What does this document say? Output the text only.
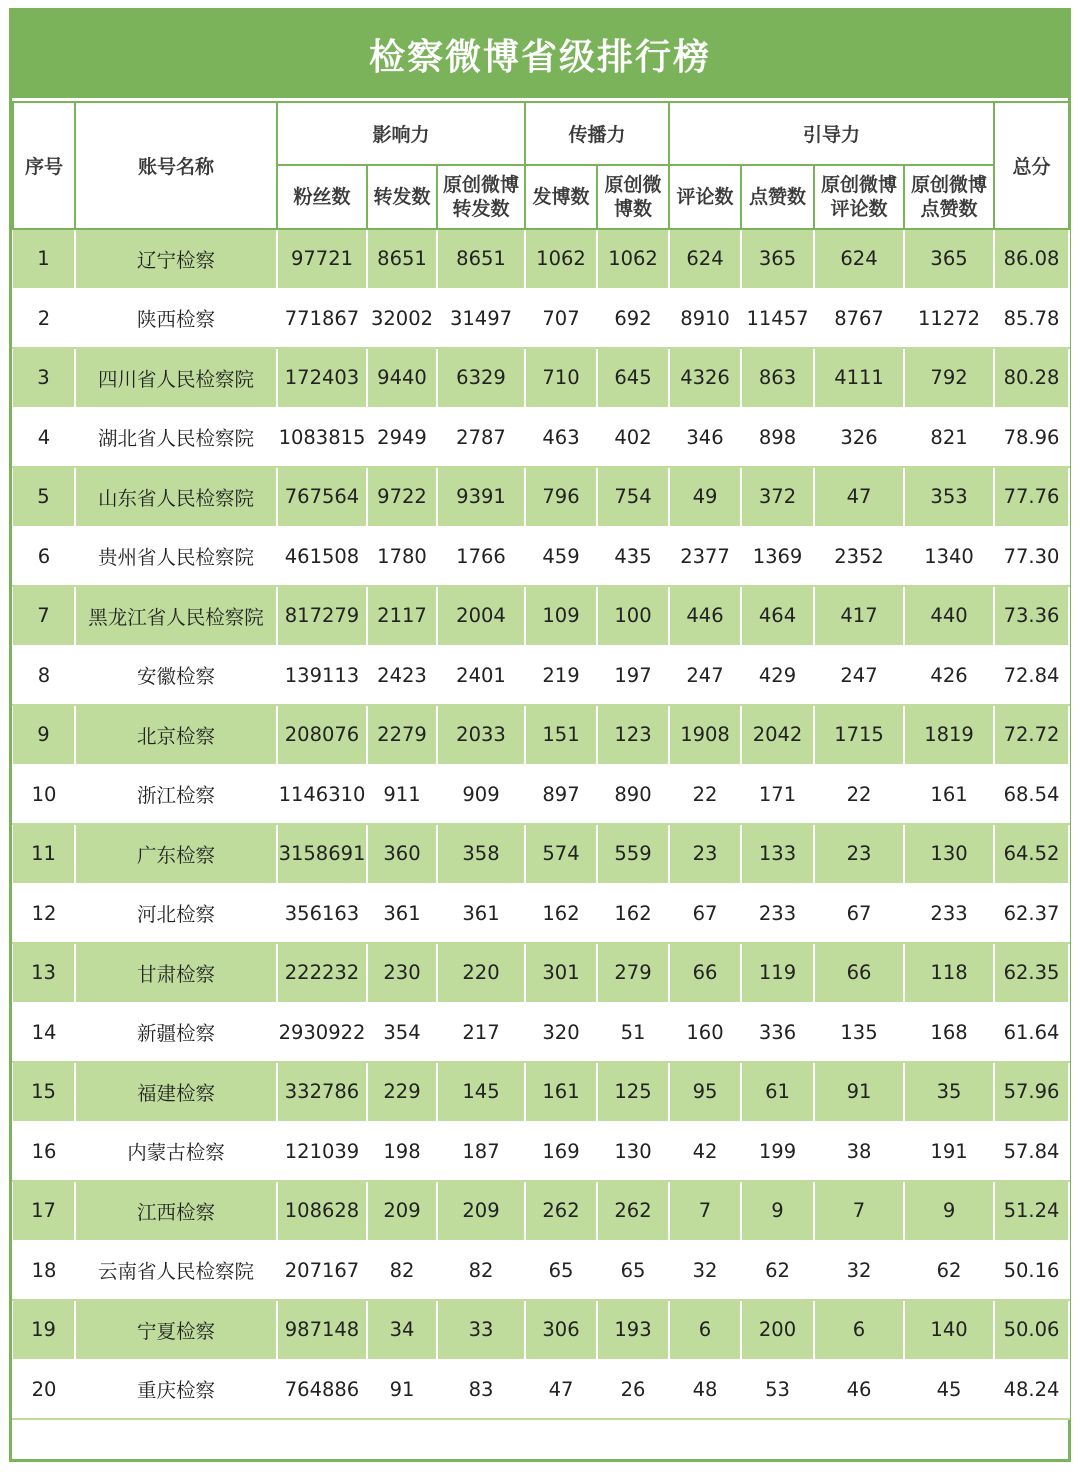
检察微博省级排行榜
序号	账号名称	影响力			传播力		引导力				总分
		粉丝数	转发数	原创微博转发数	发博数	原创微博数	评论数	点赞数	原创微博评论数	原创微博点赞数	
1	辽宁检察	97721	8651	8651	1062	1062	624	365	624	365	86.08
2	陕西检察	771867	32002	31497	707	692	8910	11457	8767	11272	85.78
3	四川省人民检察院	172403	9440	6329	710	645	4326	863	4111	792	80.28
4	湖北省人民检察院	1083815	2949	2787	463	402	346	898	326	821	78.96
5	山东省人民检察院	767564	9722	9391	796	754	49	372	47	353	77.76
6	贵州省人民检察院	461508	1780	1766	459	435	2377	1369	2352	1340	77.30
7	黑龙江省人民检察院	817279	2117	2004	109	100	446	464	417	440	73.36
8	安徽检察	139113	2423	2401	219	197	247	429	247	426	72.84
9	北京检察	208076	2279	2033	151	123	1908	2042	1715	1819	72.72
10	浙江检察	1146310	911	909	897	890	22	171	22	161	68.54
11	广东检察	3158691	360	358	574	559	23	133	23	130	64.52
12	河北检察	356163	361	361	162	162	67	233	67	233	62.37
13	甘肃检察	222232	230	220	301	279	66	119	66	118	62.35
14	新疆检察	2930922	354	217	320	51	160	336	135	168	61.64
15	福建检察	332786	229	145	161	125	95	61	91	35	57.96
16	内蒙古检察	121039	198	187	169	130	42	199	38	191	57.84
17	江西检察	108628	209	209	262	262	7	9	7	9	51.24
18	云南省人民检察院	207167	82	82	65	65	32	62	32	62	50.16
19	宁夏检察	987148	34	33	306	193	6	200	6	140	50.06
20	重庆检察	764886	91	83	47	26	48	53	46	45	48.24
